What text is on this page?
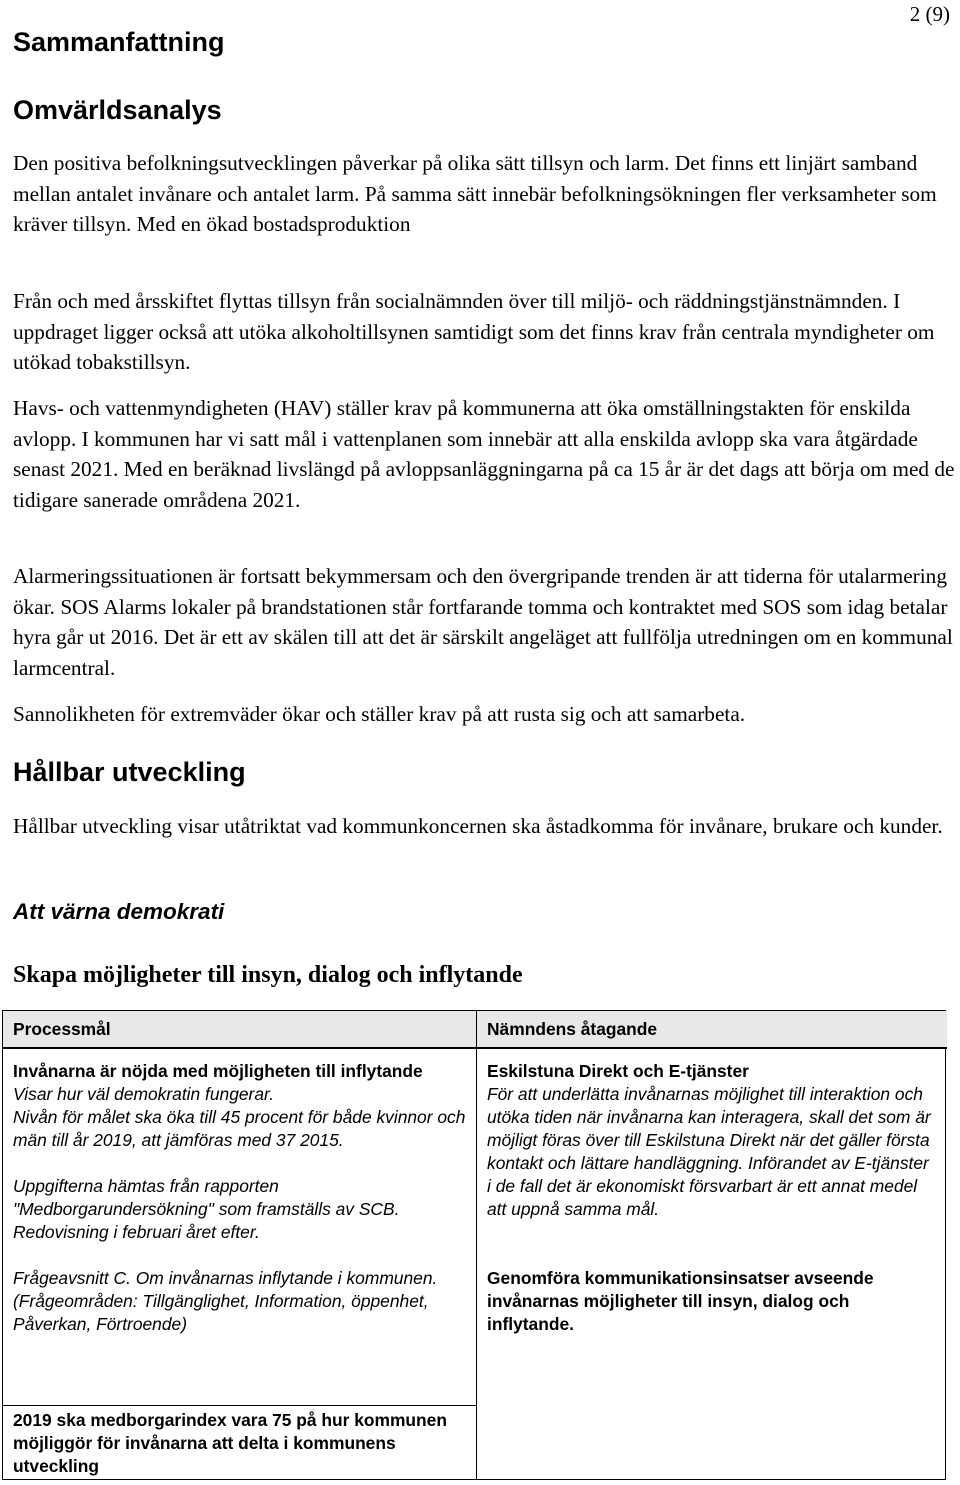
2 (9)
Sammanfattning
Omvärldsanalys

Den positiva befolkningsutvecklingen påverkar på olika sätt tillsyn och larm. Det finns ett linjärt samband mellan antalet invånare och antalet larm. På samma sätt innebär befolkningsökningen fler verksamheter som kräver tillsyn. Med en ökad bostadsproduktion

Från och med årsskiftet flyttas tillsyn från socialnämnden över till miljö- och räddningstjänstnämnden. I uppdraget ligger också att utöka alkoholtillsynen samtidigt som det finns krav från centrala myndigheter om utökad tobakstillsyn.

Havs- och vattenmyndigheten (HAV) ställer krav på kommunerna att öka omställningstakten för enskilda avlopp. I kommunen har vi satt mål i vattenplanen som innebär att alla enskilda avlopp ska vara åtgärdade senast 2021. Med en beräknad livslängd på avloppsanläggningarna på ca 15 år är det dags att börja om med de tidigare sanerade områdena 2021.

Alarmeringssituationen är fortsatt bekymmersam och den övergripande trenden är att tiderna för utalarmering ökar. SOS Alarms lokaler på brandstationen står fortfarande tomma och kontraktet med SOS som idag betalar hyra går ut 2016. Det är ett av skälen till att det är särskilt angeläget att fullfölja utredningen om en kommunal larmcentral.

Sannolikheten för extremväder ökar och ställer krav på att rusta sig och att samarbeta.

Hållbar utveckling

Hållbar utveckling visar utåtriktat vad kommunkoncernen ska åstadkomma för invånare, brukare och kunder.

Att värna demokrati
Skapa möjligheter till insyn, dialog och inflytande
Processmål	Nämndens åtagande
Invånarna är nöjda med möjligheten till inflytande
Visar hur väl demokratin fungerar.
Nivån för målet ska öka till 45 procent för både kvinnor och män till år 2019, att jämföras med 37 2015.
Uppgifterna hämtas från rapporten "Medborgarundersökning" som framställs av SCB. Redovisning i februari året efter.
Frågeavsnitt C. Om invånarnas inflytande i kommunen. (Frågeområden: Tillgänglighet, Information, öppenhet, Påverkan, Förtroende)
2019 ska medborgarindex vara 75 på hur kommunen möjliggör för invånarna att delta i kommunens utveckling
Eskilstuna Direkt och E-tjänster
För att underlätta invånarnas möjlighet till interaktion och utöka tiden när invånarna kan interagera, skall det som är möjligt föras över till Eskilstuna Direkt när det gäller första kontakt och lättare handläggning. Införandet av E-tjänster i de fall det är ekonomiskt försvarbart är ett annat medel att uppnå samma mål.
Genomföra kommunikationsinsatser avseende invånarnas möjligheter till insyn, dialog och inflytande.
